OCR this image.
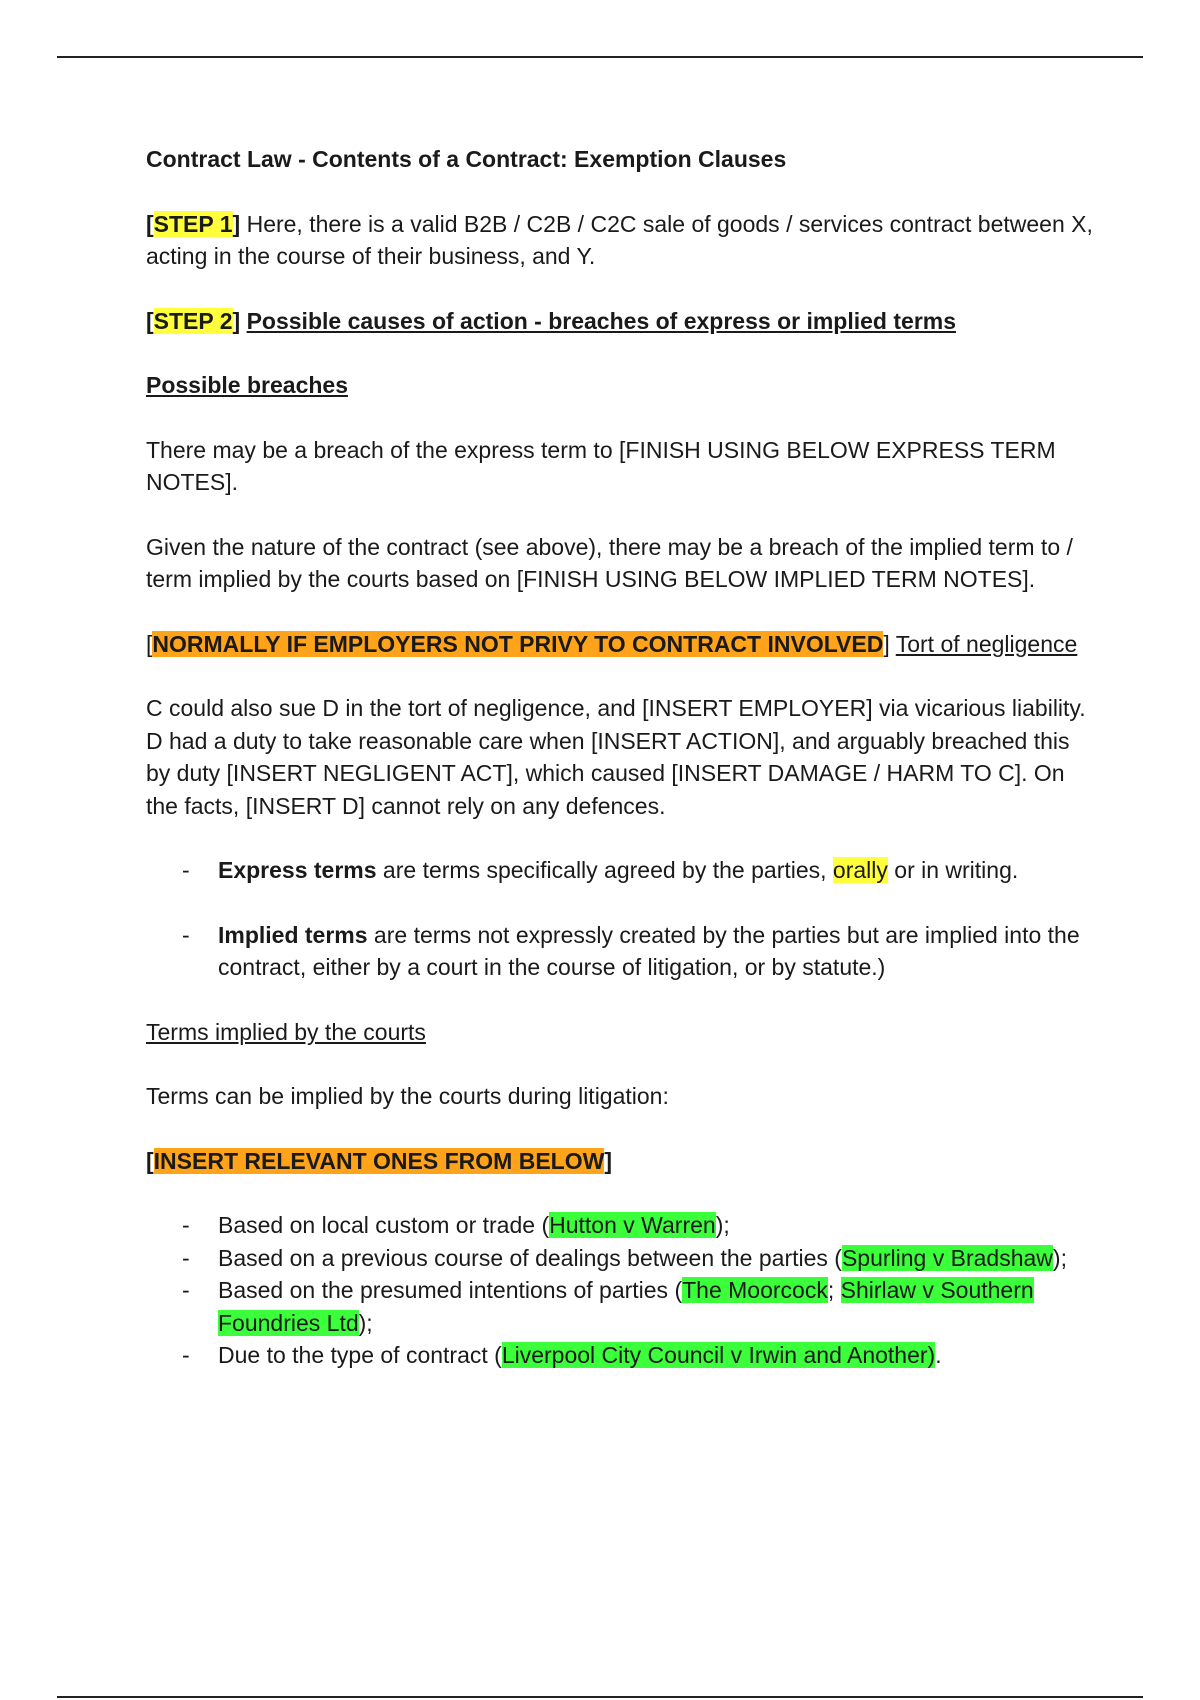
Contract Law - Contents of a Contract: Exemption Clauses

[STEP 1] Here, there is a valid B2B / C2B / C2C sale of goods / services contract between X, acting in the course of their business, and Y.

[STEP 2] Possible causes of action - breaches of express or implied terms

Possible breaches

There may be a breach of the express term to [FINISH USING BELOW EXPRESS TERM NOTES].

Given the nature of the contract (see above), there may be a breach of the implied term to / term implied by the courts based on [FINISH USING BELOW IMPLIED TERM NOTES].

[NORMALLY IF EMPLOYERS NOT PRIVY TO CONTRACT INVOLVED] Tort of negligence

C could also sue D in the tort of negligence, and [INSERT EMPLOYER] via vicarious liability. D had a duty to take reasonable care when [INSERT ACTION], and arguably breached this by duty [INSERT NEGLIGENT ACT], which caused [INSERT DAMAGE / HARM TO C]. On the facts, [INSERT D] cannot rely on any defences.

- Express terms are terms specifically agreed by the parties, orally or in writing.
- Implied terms are terms not expressly created by the parties but are implied into the contract, either by a court in the course of litigation, or by statute.)

Terms implied by the courts

Terms can be implied by the courts during litigation:

[INSERT RELEVANT ONES FROM BELOW]

- Based on local custom or trade (Hutton v Warren);
- Based on a previous course of dealings between the parties (Spurling v Bradshaw);
- Based on the presumed intentions of parties (The Moorcock; Shirlaw v Southern Foundries Ltd);
- Due to the type of contract (Liverpool City Council v Irwin and Another).
